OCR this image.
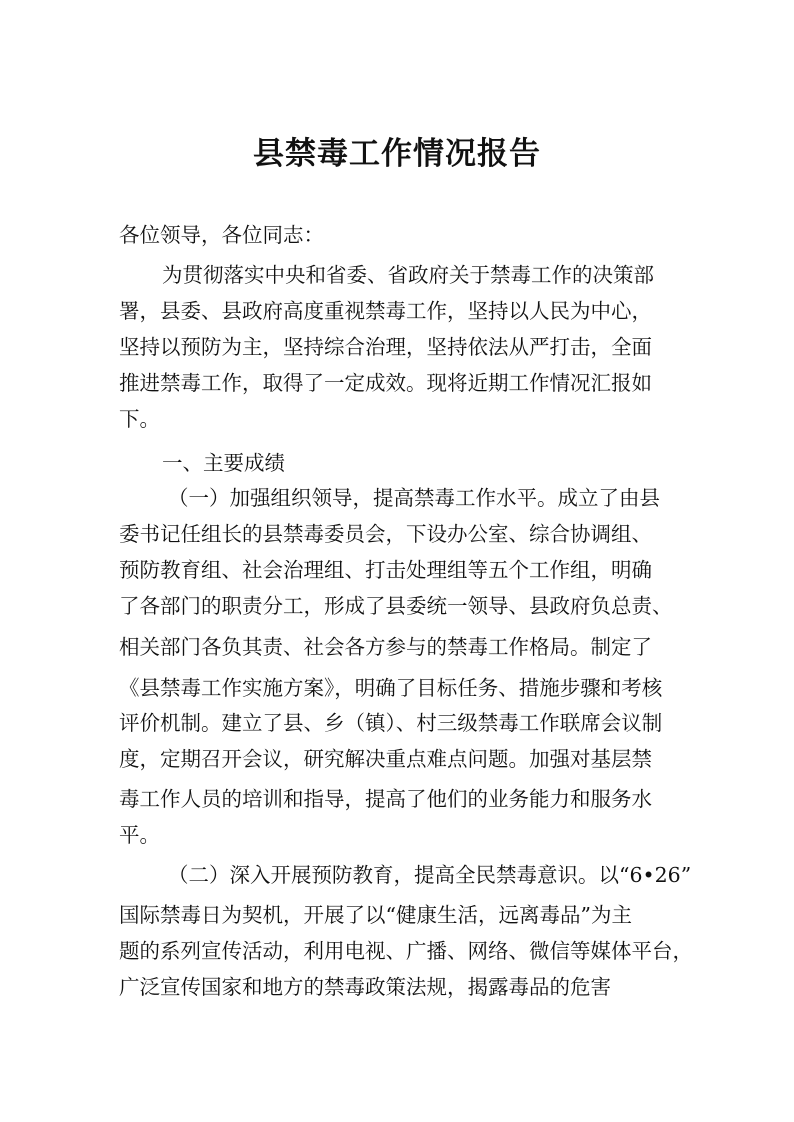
县禁毒工作情况报告
各位领导，各位同志：
为贯彻落实中央和省委、省政府关于禁毒工作的决策部
署，县委、县政府高度重视禁毒工作，坚持以人民为中心，
坚持以预防为主，坚持综合治理，坚持依法从严打击，全面
推进禁毒工作，取得了一定成效。现将近期工作情况汇报如
下。
一、主要成绩
（一）加强组织领导，提高禁毒工作水平。成立了由县
委书记任组长的县禁毒委员会，下设办公室、综合协调组、
预防教育组、社会治理组、打击处理组等五个工作组，明确
了各部门的职责分工，形成了县委统一领导、县政府负总责、
相关部门各负其责、社会各方参与的禁毒工作格局。制定了
《县禁毒工作实施方案》，明确了目标任务、措施步骤和考核
评价机制。建立了县、乡（镇）、村三级禁毒工作联席会议制
度，定期召开会议，研究解决重点难点问题。加强对基层禁
毒工作人员的培训和指导，提高了他们的业务能力和服务水
平。
（二）深入开展预防教育，提高全民禁毒意识。以“6•26”
国际禁毒日为契机，开展了以“健康生活，远离毒品”为主
题的系列宣传活动，利用电视、广播、网络、微信等媒体平台，
广泛宣传国家和地方的禁毒政策法规，揭露毒品的危害
